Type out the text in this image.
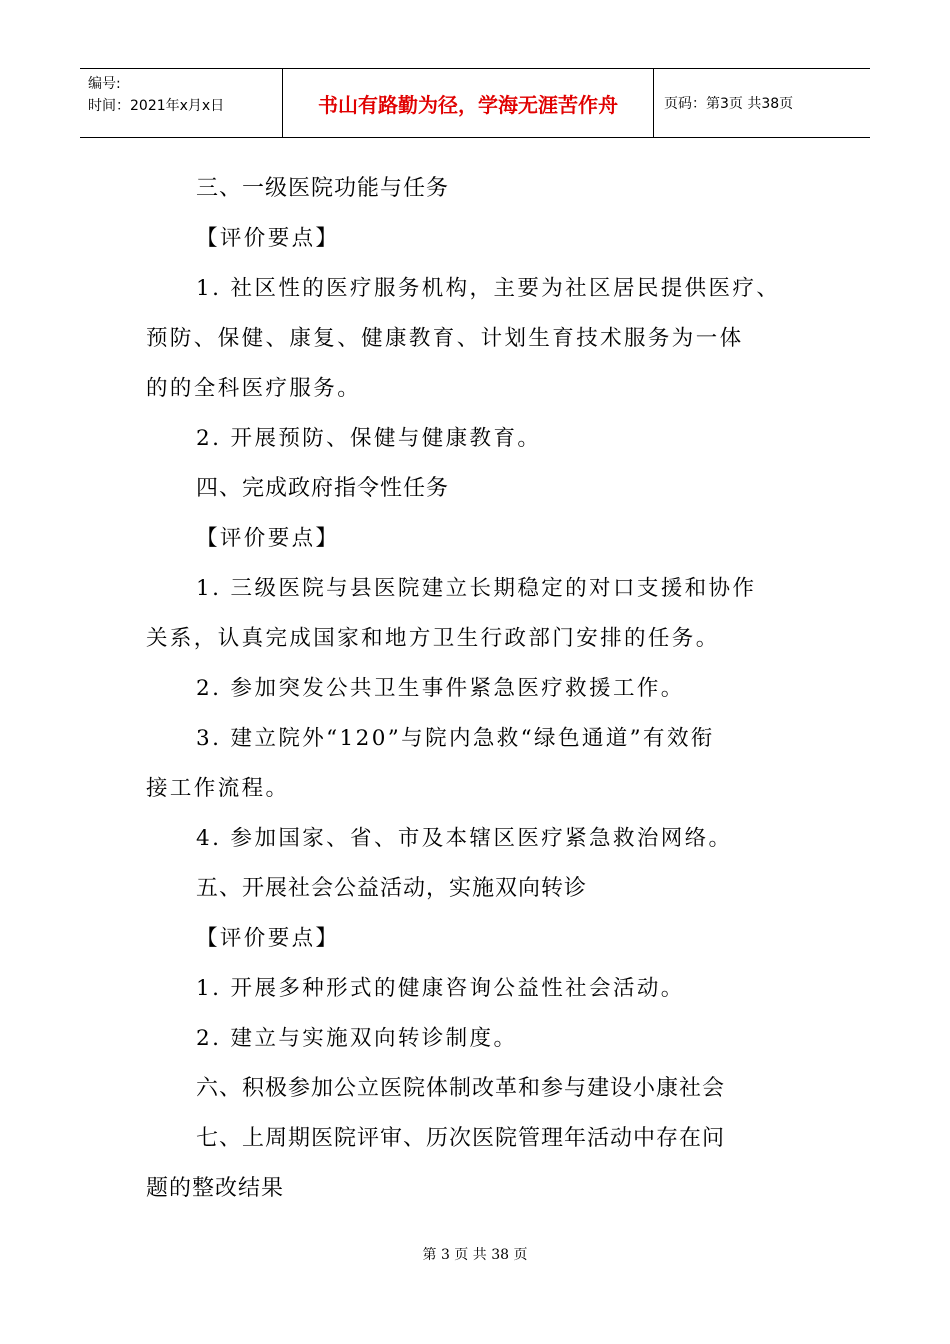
编号:
时间：2021年x月x日	书山有路勤为径，学海无涯苦作舟	页码：第3页 共38页
三、一级医院功能与任务
【评价要点】
1. 社区性的医疗服务机构，主要为社区居民提供医疗、
预防、保健、康复、健康教育、计划生育技术服务为一体
的的全科医疗服务。
2. 开展预防、保健与健康教育。
四、完成政府指令性任务
【评价要点】
1. 三级医院与县医院建立长期稳定的对口支援和协作
关系，认真完成国家和地方卫生行政部门安排的任务。
2. 参加突发公共卫生事件紧急医疗救援工作。
3. 建立院外“120”与院内急救“绿色通道”有效衔
接工作流程。
4. 参加国家、省、市及本辖区医疗紧急救治网络。
五、开展社会公益活动，实施双向转诊
【评价要点】
1. 开展多种形式的健康咨询公益性社会活动。
2. 建立与实施双向转诊制度。
六、积极参加公立医院体制改革和参与建设小康社会
七、上周期医院评审、历次医院管理年活动中存在问
题的整改结果
第 3 页 共 38 页
